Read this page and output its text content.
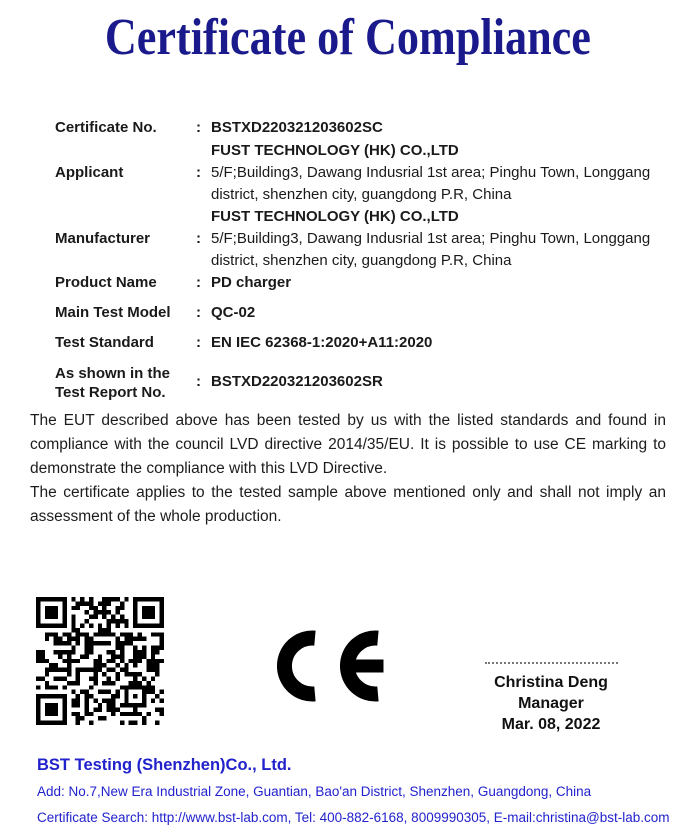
Certificate of Compliance
Certificate No.	: BSTXD220321203602SC
Applicant	:
FUST TECHNOLOGY (HK) CO.,LTD
5/F;Building3, Dawang Indusrial 1st area; Pinghu Town, Longgang
district, shenzhen city, guangdong P.R, China
Manufacturer	:
FUST TECHNOLOGY (HK) CO.,LTD
5/F;Building3, Dawang Indusrial 1st area; Pinghu Town, Longgang
district, shenzhen city, guangdong P.R, China
Product Name	: PD charger
Main Test Model	: QC-02
Test Standard	: EN IEC 62368-1:2020+A11:2020
As shown in the
Test Report No.
: BSTXD220321203602SR

The EUT described above has been tested by us with the listed standards and found in compliance with the council LVD directive 2014/35/EU. It is possible to use CE marking to demonstrate the compliance with this LVD Directive.

The certificate applies to the tested sample above mentioned only and shall not imply an assessment of the whole production.

Christina Deng
Manager
Mar. 08, 2022

BST Testing (Shenzhen)Co., Ltd.

Add: No.7,New Era Industrial Zone, Guantian, Bao'an District, Shenzhen, Guangdong, China

Certificate Search: http://www.bst-lab.com, Tel: 400-882-6168, 8009990305, E-mail:christina@bst-lab.com
